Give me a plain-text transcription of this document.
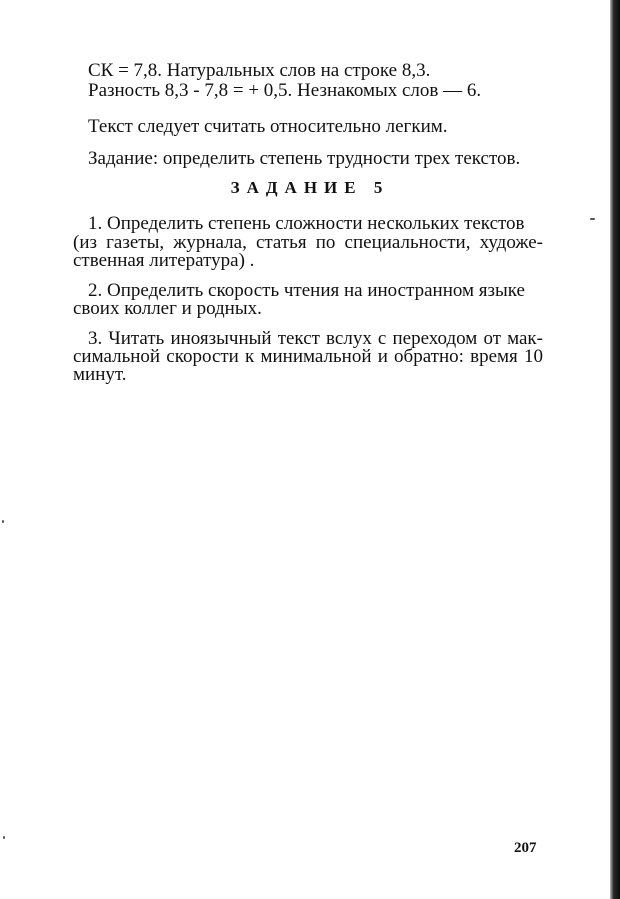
СК = 7,8. Натуральных слов на строке 8,3.
Разность 8,3 - 7,8 = + 0,5. Незнакомых слов — 6.
Текст следует считать относительно легким.
Задание: определить степень трудности трех текстов.
ЗАДАНИЕ 5
1. Определить степень сложности нескольких текстов
(из газеты, журнала, статья по специальности, художе-
ственная литература) .
2. Определить скорость чтения на иностранном языке
своих коллег и родных.
3. Читать иноязычный текст вслух с переходом от мак-
симальной скорости к минимальной и обратно: время 10
минут.
207
